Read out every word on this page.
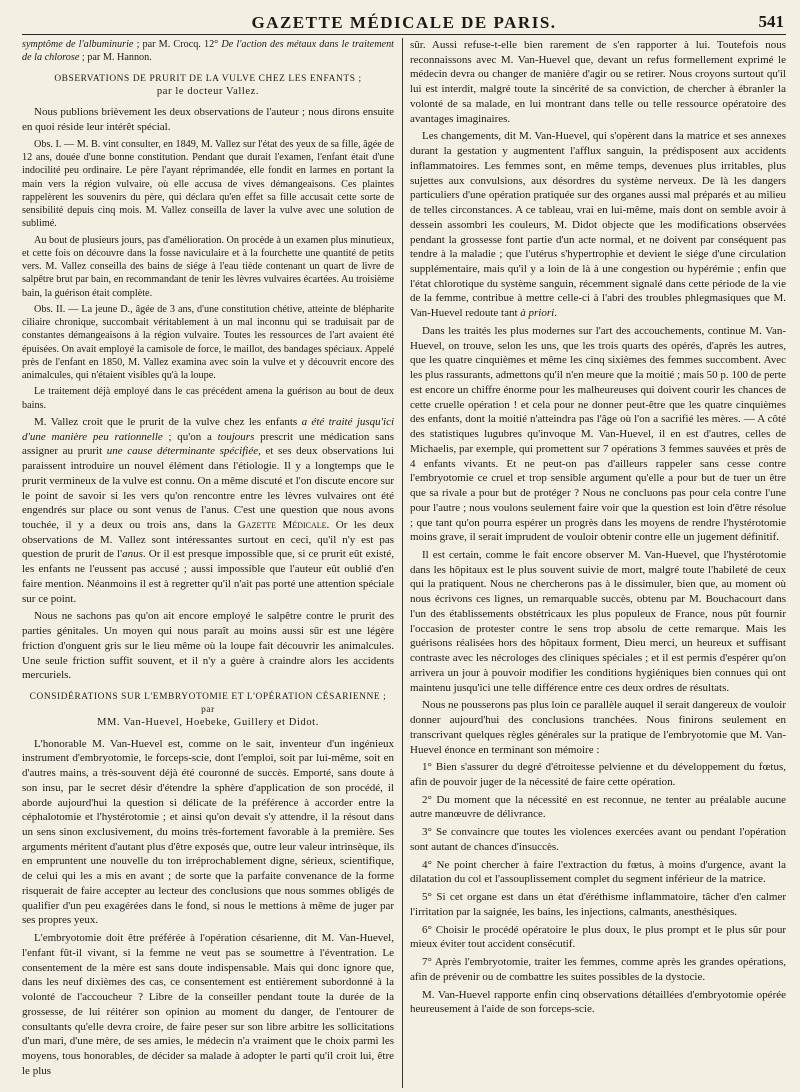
GAZETTE MÉDICALE DE PARIS.	541

symptôme de l'albuminurie ; par M. Crocq. 12° De l'action des métaux dans le traitement de la chlorose ; par M. Hannon.

OBSERVATIONS DE PRURIT DE LA VULVE CHEZ LES ENFANTS ;
par le docteur Vallez.

Nous publions brièvement les deux observations de l'auteur ; nous dirons ensuite en quoi réside leur intérêt spécial.

Obs. I. — M. B. vint consulter, en 1849, M. Vallez sur l'état des yeux de sa fille, âgée de 12 ans, douée d'une bonne constitution. Pendant que durait l'examen, l'enfant était d'une indocilité peu ordinaire. Le père l'ayant réprimandée, elle fondit en larmes en portant la main vers la région vulvaire, où elle accusa de vives démangeaisons. Ces plaintes rappelèrent les souvenirs du père, qui déclara qu'en effet sa fille accusait cette sorte de sensibilité depuis cinq mois. M. Vallez conseilla de laver la vulve avec une solution de sublimé.

Au bout de plusieurs jours, pas d'amélioration. On procède à un examen plus minutieux, et cette fois on découvre dans la fosse naviculaire et à la fourchette une quantité de petits vers. M. Vallez conseilla des bains de siége à l'eau tiède contenant un quart de livre de salpêtre brut par bain, en recommandant de tenir les lèvres vulvaires écartées. Au troisième bain, la guérison était complète.

Obs. II. — La jeune D., âgée de 3 ans, d'une constitution chétive, atteinte de blépharite ciliaire chronique, succombait véritablement à un mal inconnu qui se traduisait par de constantes démangeaisons à la région vulvaire. Toutes les ressources de l'art avaient été épuisées. On avait employé la camisole de force, le maillot, des bandages spéciaux. Appelé près de l'enfant en 1850, M. Vallez examina avec soin la vulve et y découvrit encore des animalcules, qui n'étaient visibles qu'à la loupe.

Le traitement déjà employé dans le cas précédent amena la guérison au bout de deux bains.

M. Vallez croit que le prurit de la vulve chez les enfants a été traité jusqu'ici d'une manière peu rationnelle ; qu'on a toujours prescrit une médication sans assigner au prurit une cause déterminante spécifiée, et ses deux observations lui paraissent introduire un nouvel élément dans l'étiologie. Il y a longtemps que le prurit vermineux de la vulve est connu. On a même discuté et l'on discute encore sur le point de savoir si les vers qu'on rencontre entre les lèvres vulvaires ont été engendrés sur place ou sont venus de l'anus. C'est une question que nous avons touchée, il y a deux ou trois ans, dans la Gazette Médicale. Or les deux observations de M. Vallez sont intéressantes surtout en ceci, qu'il n'y est pas question de prurit de l'anus. Or il est presque impossible que, si ce prurit eût existé, les enfants ne l'eussent pas accusé ; aussi impossible que l'auteur eût oublié d'en faire mention. Néanmoins il est à regretter qu'il n'ait pas porté une attention spéciale sur ce point.

Nous ne sachons pas qu'on ait encore employé le salpêtre contre le prurit des parties génitales. Un moyen qui nous paraît au moins aussi sûr est une légère friction d'onguent gris sur le lieu même où la loupe fait découvrir les animalcules. Une seule friction suffit souvent, et il n'y a guère à craindre alors les accidents mercuriels.

CONSIDÉRATIONS SUR L'EMBRYOTOMIE ET L'OPÉRATION CÉSARIENNE ; par
MM. Van-Huevel, Hoebeke, Guillery et Didot.

L'honorable M. Van-Huevel est, comme on le sait, inventeur d'un ingénieux instrument d'embryotomie, le forceps-scie, dont l'emploi, soit par lui-même, soit en d'autres mains, a très-souvent déjà été couronné de succès. Emporté, sans doute à son insu, par le secret désir d'étendre la sphère d'application de son procédé, il aborde aujourd'hui la question si délicate de la préférence à accorder entre la céphalotomie et l'hystérotomie ; et ainsi qu'on devait s'y attendre, il la résout dans un sens sinon exclusivement, du moins très-fortement favorable à la première. Ses arguments méritent d'autant plus d'être exposés que, outre leur valeur intrinsèque, ils en empruntent une nouvelle du ton irréprochablement digne, sérieux, scientifique, de celui qui les a mis en avant ; de sorte que la parfaite convenance de la forme risquerait de faire accepter au lecteur des conclusions que nous sommes obligés de qualifier d'un peu exagérées dans le fond, si nous le mettions à même de juger par ses propres yeux.

L'embryotomie doit être préférée à l'opération césarienne, dit M. Van-Huevel, l'enfant fût-il vivant, si la femme ne veut pas se soumettre à l'éventration. Le consentement de la mère est sans doute indispensable. Mais qui donc ignore que, dans les neuf dixièmes des cas, ce consentement est entièrement subordonné à la volonté de l'accoucheur ? Libre de la conseiller pendant toute la durée de la grossesse, de lui réitérer son opinion au moment du danger, de l'entourer de consultants qu'elle devra croire, de faire peser sur son libre arbitre les sollicitations d'un mari, d'une mère, de ses amies, le médecin n'a vraiment que le choix parmi les moyens, tous honorables, de décider sa malade à adopter le parti qu'il croit lui, être le plus

sûr. Aussi refuse-t-elle bien rarement de s'en rapporter à lui. Toutefois nous reconnaissons avec M. Van-Huevel que, devant un refus formellement exprimé le médecin devra ou changer de manière d'agir ou se retirer. Nous croyons surtout qu'il lui est interdit, malgré toute la sincérité de sa conviction, de chercher à ébranler la volonté de sa malade, en lui montrant dans telle ou telle ressource opératoire des avantages imaginaires.

Les changements, dit M. Van-Huevel, qui s'opèrent dans la matrice et ses annexes durant la gestation y augmentent l'afflux sanguin, la prédisposent aux accidents inflammatoires. Les femmes sont, en même temps, devenues plus irritables, plus sujettes aux convulsions, aux désordres du système nerveux. De là les dangers particuliers d'une opération pratiquée sur des organes aussi mal préparés et au milieu de telles circonstances. A ce tableau, vrai en lui-même, mais dont on semble avoir à dessein assombri les couleurs, M. Didot objecte que les modifications observées pendant la grossesse font partie d'un acte normal, et ne doivent par conséquent pas tendre à la maladie ; que l'utérus s'hypertrophie et devient le siége d'une circulation supplémentaire, mais qu'il y a loin de là à une congestion ou hypérémie ; enfin que l'état chlorotique du système sanguin, récemment signalé dans cette période de la vie de la femme, contribue à mettre celle-ci à l'abri des troubles phlegmasiques que M. Van-Huevel redoute tant à priori.

Dans les traités les plus modernes sur l'art des accouchements, continue M. Van-Huevel, on trouve, selon les uns, que les trois quarts des opérés, d'après les autres, que les quatre cinquièmes et même les cinq sixièmes des femmes succombent. Avec les plus rassurants, admettons qu'il n'en meure que la moitié ; mais 50 p. 100 de perte est encore un chiffre énorme pour les malheureuses qui doivent courir les chances de cette cruelle opération ! et cela pour ne donner peut-être que les quatre cinquièmes des enfants, dont la moitié n'atteindra pas l'âge où l'on a sacrifié les mères. — A côté des statistiques lugubres qu'invoque M. Van-Huevel, il en est d'autres, celles de Michaelis, par exemple, qui promettent sur 7 opérations 3 femmes sauvées et près de 4 enfants vivants. Et ne peut-on pas d'ailleurs rappeler sans cesse contre l'embryotomie ce cruel et trop sensible argument qu'elle a pour but de tuer un être que sa rivale a pour but de protéger ? Nous ne concluons pas pour cela contre l'une pour l'autre ; nous voulons seulement faire voir que la question est loin d'être résolue ; que tant qu'on pourra espérer un progrès dans les moyens de rendre l'hystérotomie moins grave, il serait imprudent de vouloir obtenir contre elle un jugement définitif.

Il est certain, comme le fait encore observer M. Van-Huevel, que l'hystérotomie dans les hôpitaux est le plus souvent suivie de mort, malgré toute l'habileté de ceux qui la pratiquent. Nous ne chercherons pas à le dissimuler, bien que, au moment où nous écrivons ces lignes, un remarquable succès, obtenu par M. Bouchacourt dans l'un des établissements obstétricaux les plus populeux de France, nous pût fournir l'occasion de protester contre le sens trop absolu de cette remarque. Mais les guérisons réalisées hors des hôpitaux forment, Dieu merci, un heureux et suffisant contraste avec les nécrologes des cliniques spéciales ; et il est permis d'espérer qu'on arrivera un jour à pouvoir modifier les conditions hygiéniques bien connues qui ont maintenu jusqu'ici une telle différence entre ces deux ordres de résultats.

Nous ne pousserons pas plus loin ce parallèle auquel il serait dangereux de vouloir donner aujourd'hui des conclusions tranchées. Nous finirons seulement en transcrivant quelques règles générales sur la pratique de l'embryotomie que M. Van-Huevel énonce en terminant son mémoire :

1° Bien s'assurer du degré d'étroitesse pelvienne et du développement du fœtus, afin de pouvoir juger de la nécessité de faire cette opération.

2° Du moment que la nécessité en est reconnue, ne tenter au préalable aucune autre manœuvre de délivrance.

3° Se convaincre que toutes les violences exercées avant ou pendant l'opération sont autant de chances d'insuccès.

4° Ne point chercher à faire l'extraction du fœtus, à moins d'urgence, avant la dilatation du col et l'assouplissement complet du segment inférieur de la matrice.

5° Si cet organe est dans un état d'éréthisme inflammatoire, tâcher d'en calmer l'irritation par la saignée, les bains, les injections, calmants, anesthésiques.

6° Choisir le procédé opératoire le plus doux, le plus prompt et le plus sûr pour mieux éviter tout accident consécutif.

7° Après l'embryotomie, traiter les femmes, comme après les grandes opérations, afin de prévenir ou de combattre les suites possibles de la dystocie.

M. Van-Huevel rapporte enfin cinq observations détaillées d'embryotomie opérée heureusement à l'aide de son forceps-scie.
